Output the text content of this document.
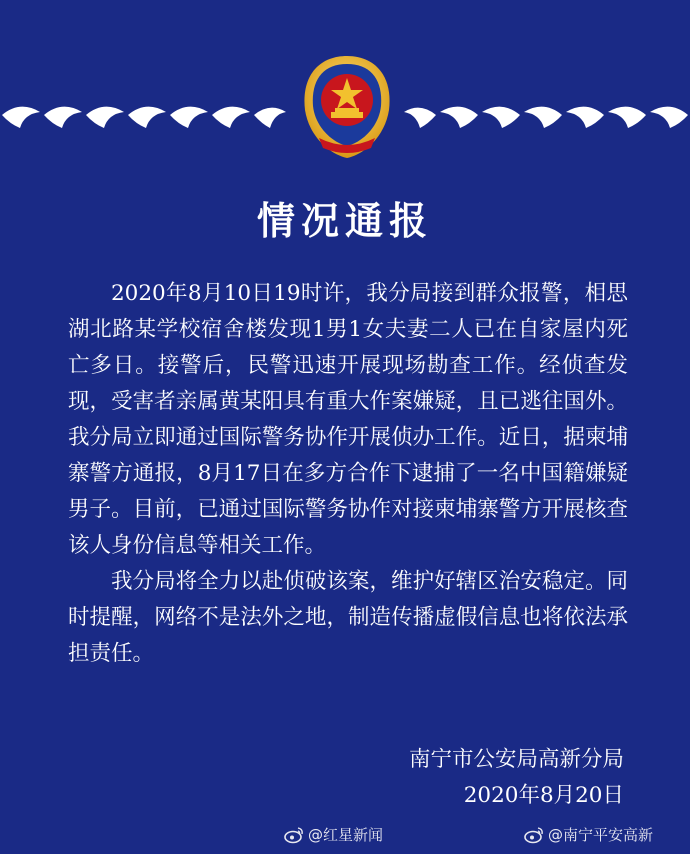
情况通报

2020年8月10日19时许，我分局接到群众报警，相思湖北路某学校宿舍楼发现1男1女夫妻二人已在自家屋内死亡多日。接警后，民警迅速开展现场勘查工作。经侦查发现，受害者亲属黄某阳具有重大作案嫌疑，且已逃往国外。我分局立即通过国际警务协作开展侦办工作。近日，据柬埔寨警方通报，8月17日在多方合作下逮捕了一名中国籍嫌疑男子。目前，已通过国际警务协作对接柬埔寨警方开展核查该人身份信息等相关工作。

我分局将全力以赴侦破该案，维护好辖区治安稳定。同时提醒，网络不是法外之地，制造传播虚假信息也将依法承担责任。

南宁市公安局高新分局
2020年8月20日
@红星新闻	@南宁平安高新
